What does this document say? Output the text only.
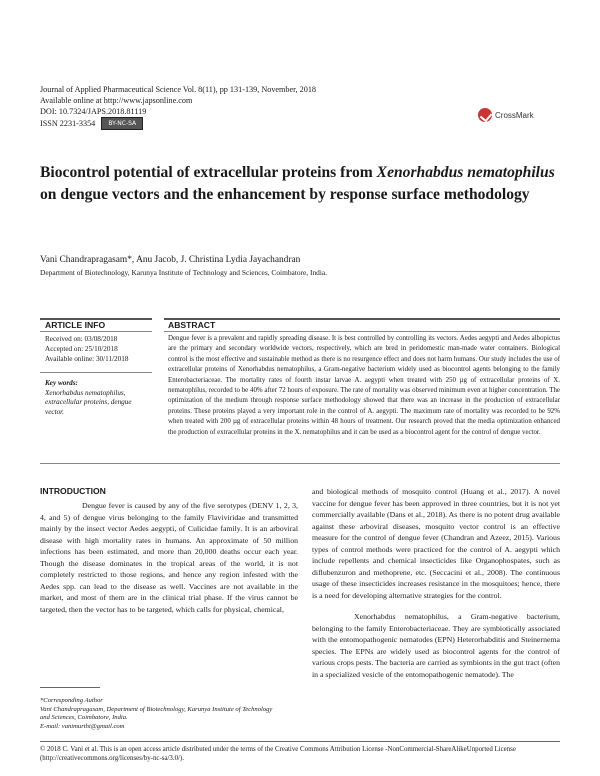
Journal of Applied Pharmaceutical Science Vol. 8(11), pp 131-139, November, 2018
Available online at http://www.japsonline.com
DOI: 10.7324/JAPS.2018.81119
ISSN 2231-3354	BY-NC-SA
CrossMark
Biocontrol potential of extracellular proteins from Xenorhabdus nematophilus on dengue vectors and the enhancement by response surface methodology
Vani Chandrapragasam*, Anu Jacob, J. Christina Lydia Jayachandran
Department of Biotechnology, Karunya Institute of Technology and Sciences, Coimbatore, India.
ARTICLE INFO	ABSTRACT
Received on: 03/08/2018
Accepted on: 25/10/2018
Available online: 30/11/2018
Key words:
Xenorhabdus nematophilus, extracellular proteins, dengue vector.
Dengue fever is a prevalent and rapidly spreading disease. It is best controlled by controlling its vectors. Aedes aegypti and Aedes albopictus are the primary and secondary worldwide vectors, respectively, which are bred in peridomestic man-made water containers. Biological control is the most effective and sustainable method as there is no resurgence effect and does not harm humans. Our study includes the use of extracellular proteins of Xenorhabdus nematophilus, a Gram-negative bacterium widely used as biocontrol agents belonging to the family Enterobacteriaceae. The mortality rates of fourth instar larvae A. aegypti when treated with 250 µg of extracellular proteins of X. nematophilus, recorded to be 40% after 72 hours of exposure. The rate of mortality was observed minimum even at higher concentration. The optimization of the medium through response surface methodology showed that there was an increase in the production of extracellular proteins. These proteins played a very important role in the control of A. aegypti. The maximum rate of mortality was recorded to be 92% when treated with 200 µg of extracellular proteins within 48 hours of treatment. Our research proved that the media optimization enhanced the production of extracellular proteins in the X. nematophilus and it can be used as a biocontrol agent for the control of dengue vector.
INTRODUCTION

Dengue fever is caused by any of the five serotypes (DENV 1, 2, 3, 4, and 5) of dengue virus belonging to the family Flaviviridae and transmitted mainly by the insect vector Aedes aegypti, of Culicidae family. It is an arboviral disease with high mortality rates in humans. An approximate of 50 million infections has been estimated, and more than 20,000 deaths occur each year. Though the disease dominates in the tropical areas of the world, it is not completely restricted to those regions, and hence any region infested with the Aedes spp. can lead to the disease as well. Vaccines are not available in the market, and most of them are in the clinical trial phase. If the virus cannot be targeted, then the vector has to be targeted, which calls for physical, chemical,

and biological methods of mosquito control (Huang et al., 2017). A novel vaccine for dengue fever has been approved in three countries, but it is not yet commercially available (Dans et al., 2018). As there is no potent drug available against these arboviral diseases, mosquito vector control is an effective measure for the control of dengue fever (Chandran and Azeez, 2015). Various types of control methods were practiced for the control of A. aegypti which include repellents and chemical insecticides like Organophospates, such as diflubenzuron and methoprene, etc. (Seccacini et al., 2008). The continuous usage of these insecticides increases resistance in the mosquitoes; hence, there is a need for developing alternative strategies for the control.

Xenorhabdus nematophilus, a Gram-negative bacterium, belonging to the family Enterobacteriaceae. They are symbiotically associated with the entomopathogenic nematodes (EPN) Heterorhabditis and Steinernema species. The EPNs are widely used as biocontrol agents for the control of various crops pests. The bacteria are carried as symbionts in the gut tract (often in a specialized vesicle of the entomopathogenic nematode). The

*Corresponding Author
Vani Chandrapragasam, Department of Biotechnology, Karunya Institute of Technology and Sciences, Coimbatore, India.
E-mail: vanimurthi@gmail.com
© 2018 C. Vani et al. This is an open access article distributed under the terms of the Creative Commons Attribution License -NonCommercial-ShareAlikeUnported License (http://creativecommons.org/licenses/by-nc-sa/3.0/).
